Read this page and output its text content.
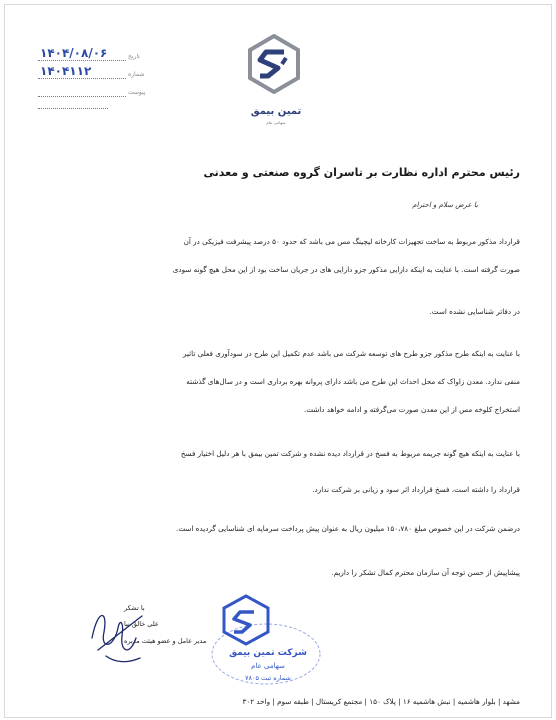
۱۴۰۴/۰۸/۰۶	تاریخ
۱۴۰۴۱۱۲	شماره
پیوست
تمین بیمق
سهامی عام
رئیس محترم اداره نظارت بر تاسران گروه صنعتی و معدنی
با عرض سلام و احترام
قرارداد مذکور مربوط به ساخت تجهیزات کارخانه لیچینگ مس می باشد که حدود ۵۰ درصد پیشرفت فیزیکی در آن
صورت گرفته است. با عنایت به اینکه دارایی مذکور جزو دارایی های در جریان ساخت بود از این محل هیچ گونه سودی
در دفاتر شناسایی نشده است.
با عنایت به اینکه طرح مذکور جزو طرح های توسعه شرکت می باشد عدم تکمیل این طرح در سودآوری فعلی تاثیر
منفی ندارد. معدن زاواک که محل احداث این طرح می باشد دارای پروانه بهره برداری است و در سال‌های گذشته
استخراج کلوخه مس از این معدن صورت می‌گرفته و ادامه خواهد داشت.
با عنایت به اینکه هیچ گونه جریمه مربوط به فسخ در قرارداد دیده نشده و شرکت تمین بیمق با هر دلیل اختیار فسخ
قرارداد را داشته است، فسخ قرارداد اثر سود و زیانی بر شرکت ندارد.
درضمن شرکت در این خصوص مبلغ ۱۵۰،۷۸۰ میلیون ریال به عنوان پیش پرداخت سرمایه ای شناسایی گردیده است.
پیشاپیش از حسن توجه آن سازمان محترم کمال تشکر را داریم.
با تشکر
علی خالق نیا
مدیر عامل و عضو هیئت مدیره
شرکت تمین بیمق
سهامی عام
شماره ثبت ۷۸۰۵
مشهد | بلوار هاشمیه | نبش هاشمیه ۱۶ | پلاک ۱۵۰ | مجتمع کریستال | طبقه سوم | واحد ۳۰۲
